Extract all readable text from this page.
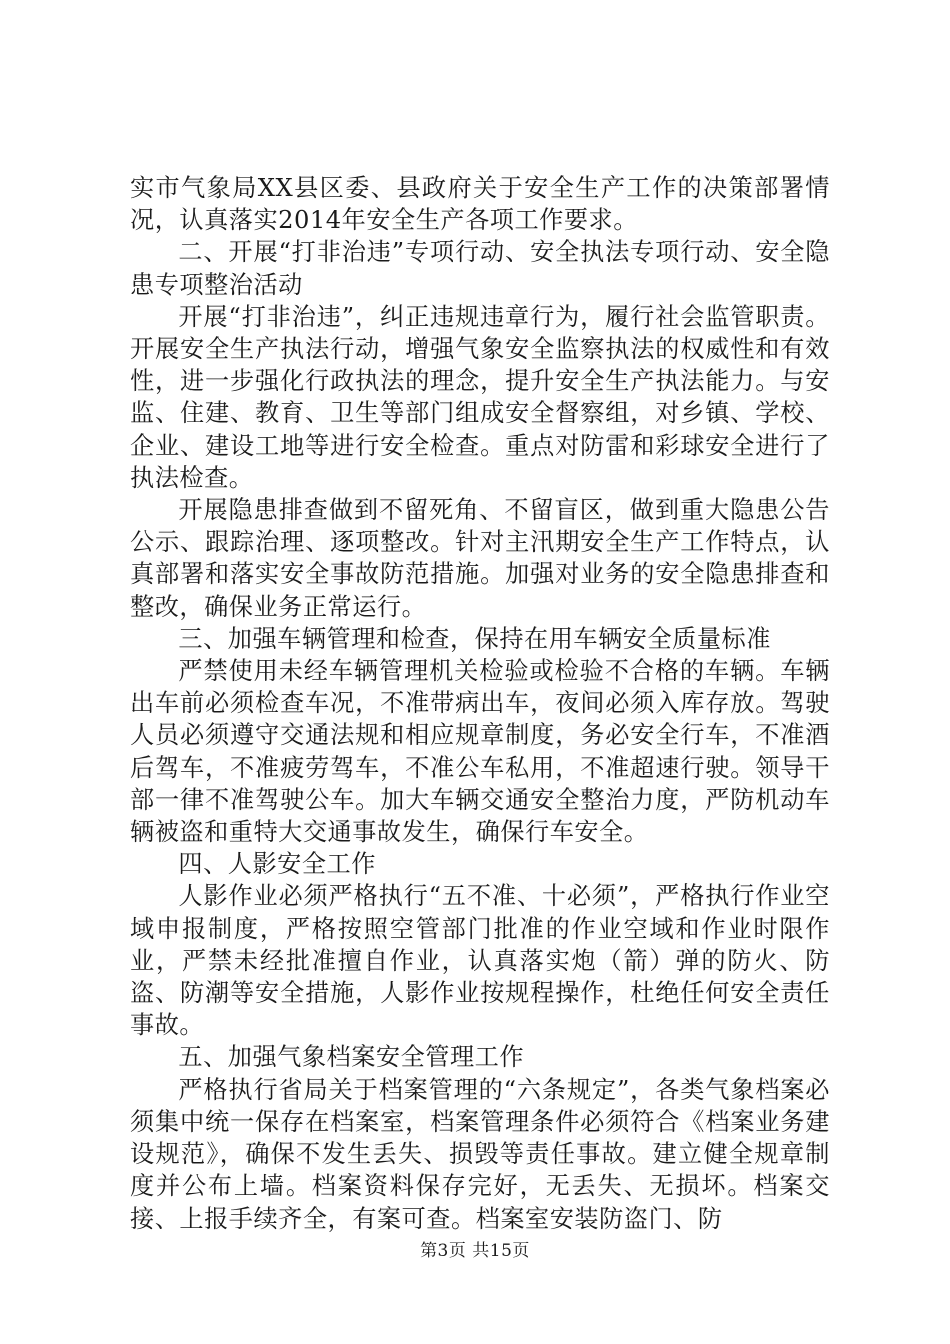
实市气象局XX县区委、县政府关于安全生产工作的决策部署情况，认真落实2014年安全生产各项工作要求。

二、开展“打非治违”专项行动、安全执法专项行动、安全隐患专项整治活动

开展“打非治违”，纠正违规违章行为，履行社会监管职责。开展安全生产执法行动，增强气象安全监察执法的权威性和有效性，进一步强化行政执法的理念，提升安全生产执法能力。与安监、住建、教育、卫生等部门组成安全督察组，对乡镇、学校、企业、建设工地等进行安全检查。重点对防雷和彩球安全进行了执法检查。

开展隐患排查做到不留死角、不留盲区，做到重大隐患公告公示、跟踪治理、逐项整改。针对主汛期安全生产工作特点，认真部署和落实安全事故防范措施。加强对业务的安全隐患排查和整改，确保业务正常运行。

三、加强车辆管理和检查，保持在用车辆安全质量标准

严禁使用未经车辆管理机关检验或检验不合格的车辆。车辆出车前必须检查车况，不准带病出车，夜间必须入库存放。驾驶人员必须遵守交通法规和相应规章制度，务必安全行车，不准酒后驾车，不准疲劳驾车，不准公车私用，不准超速行驶。领导干部一律不准驾驶公车。加大车辆交通安全整治力度，严防机动车辆被盗和重特大交通事故发生，确保行车安全。

四、人影安全工作

人影作业必须严格执行“五不准、十必须”，严格执行作业空域申报制度，严格按照空管部门批准的作业空域和作业时限作业，严禁未经批准擅自作业，认真落实炮（箭）弹的防火、防盗、防潮等安全措施，人影作业按规程操作，杜绝任何安全责任事故。

五、加强气象档案安全管理工作

严格执行省局关于档案管理的“六条规定”，各类气象档案必须集中统一保存在档案室，档案管理条件必须符合《档案业务建设规范》，确保不发生丢失、损毁等责任事故。建立健全规章制度并公布上墙。档案资料保存完好，无丢失、无损坏。档案交接、上报手续齐全，有案可查。档案室安装防盗门、防

第3页 共15页
